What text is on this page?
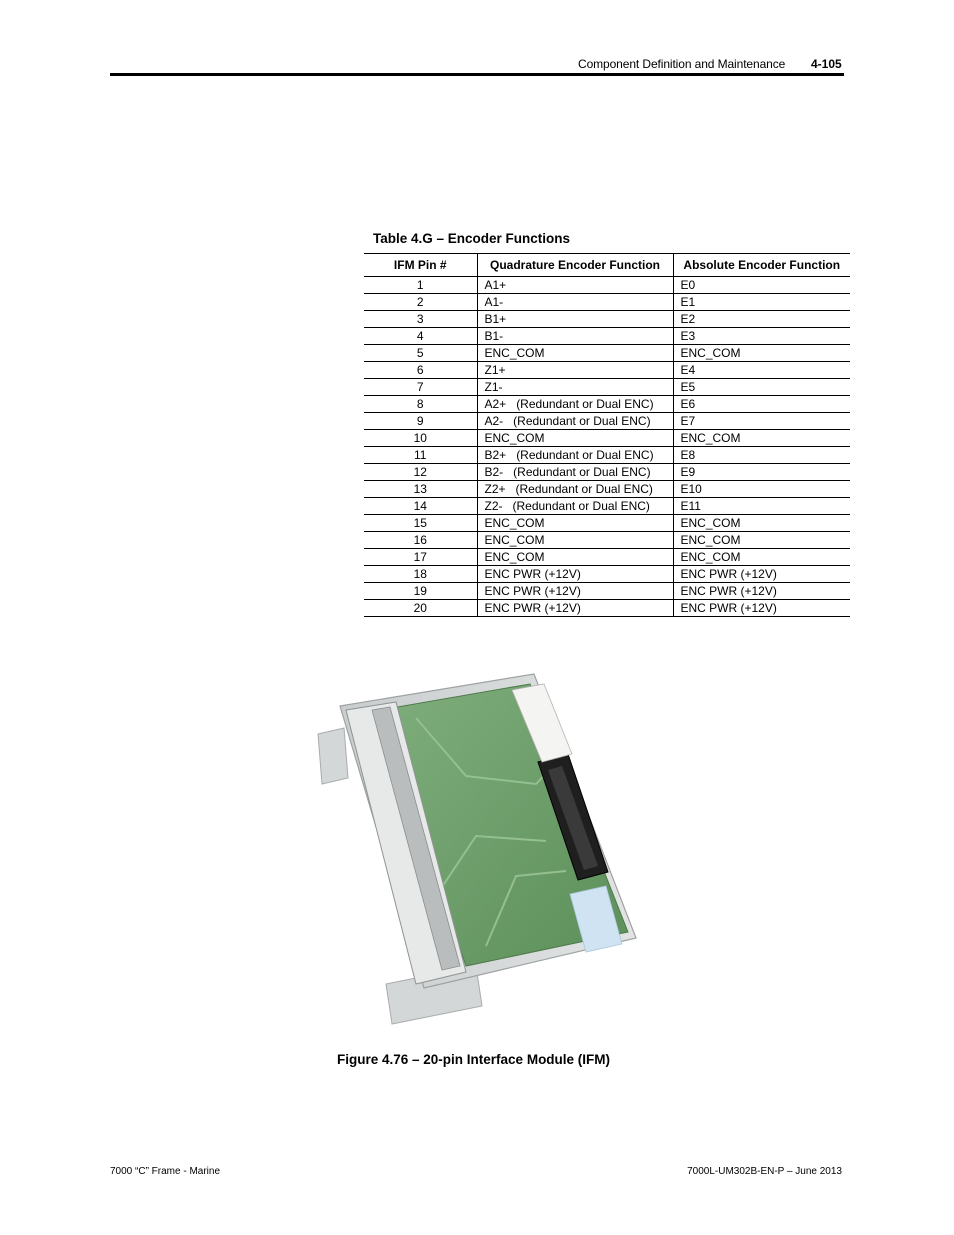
Component Definition and Maintenance 4-105
Table 4.G – Encoder Functions
IFM Pin #	Quadrature Encoder Function	Absolute Encoder Function
1	A1+	E0
2	A1-	E1
3	B1+	E2
4	B1-	E3
5	ENC_COM	ENC_COM
6	Z1+	E4
7	Z1-	E5
8	A2+   (Redundant or Dual ENC)	E6
9	A2-   (Redundant or Dual ENC)	E7
10	ENC_COM	ENC_COM
11	B2+   (Redundant or Dual ENC)	E8
12	B2-   (Redundant or Dual ENC)	E9
13	Z2+   (Redundant or Dual ENC)	E10
14	Z2-   (Redundant or Dual ENC)	E11
15	ENC_COM	ENC_COM
16	ENC_COM	ENC_COM
17	ENC_COM	ENC_COM
18	ENC PWR (+12V)	ENC PWR (+12V)
19	ENC PWR (+12V)	ENC PWR (+12V)
20	ENC PWR (+12V)	ENC PWR (+12V)
Figure 4.76 – 20-pin Interface Module (IFM)
7000 “C” Frame - Marine	7000L-UM302B-EN-P – June 2013
